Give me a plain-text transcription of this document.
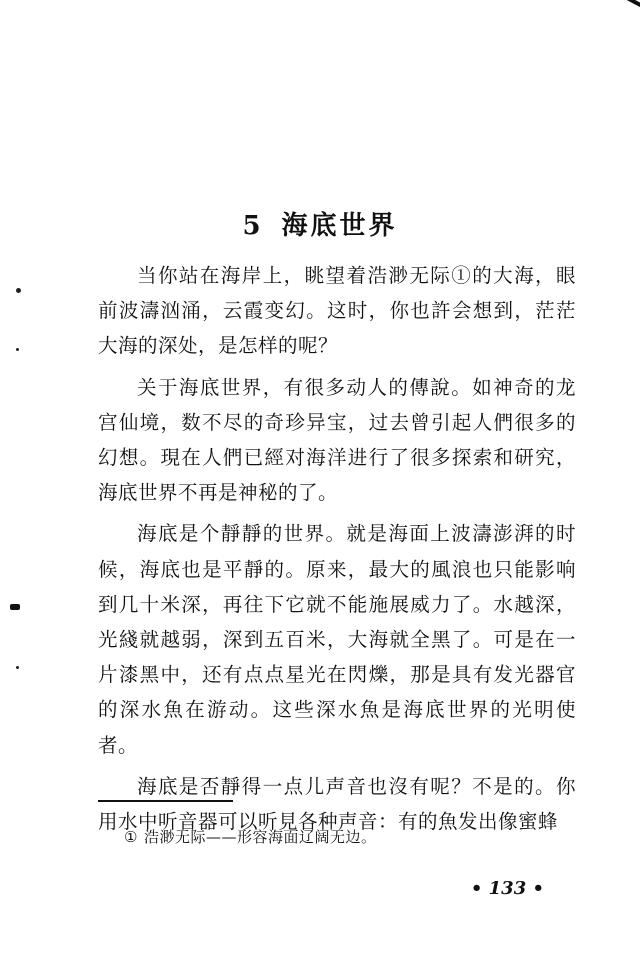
5 海底世界

当你站在海岸上，眺望着浩渺无际①的大海，眼前波濤汹涌，云霞变幻。这时，你也許会想到，茫茫大海的深处，是怎样的呢？

关于海底世界，有很多动人的傳說。如神奇的龙宫仙境，数不尽的奇珍异宝，过去曾引起人們很多的幻想。現在人們已經对海洋进行了很多探索和研究，海底世界不再是神秘的了。

海底是个靜靜的世界。就是海面上波濤澎湃的时候，海底也是平靜的。原来，最大的風浪也只能影响到几十米深，再往下它就不能施展威力了。水越深，光綫就越弱，深到五百米，大海就全黑了。可是在一片漆黑中，还有点点星光在閃爍，那是具有发光器官的深水魚在游动。这些深水魚是海底世界的光明使者。

海底是否靜得一点儿声音也沒有呢？不是的。你用水中听音器可以听見各种声音：有的魚发出像蜜蜂

① 浩渺无际——形容海面辽阔无边。
• 133 •
